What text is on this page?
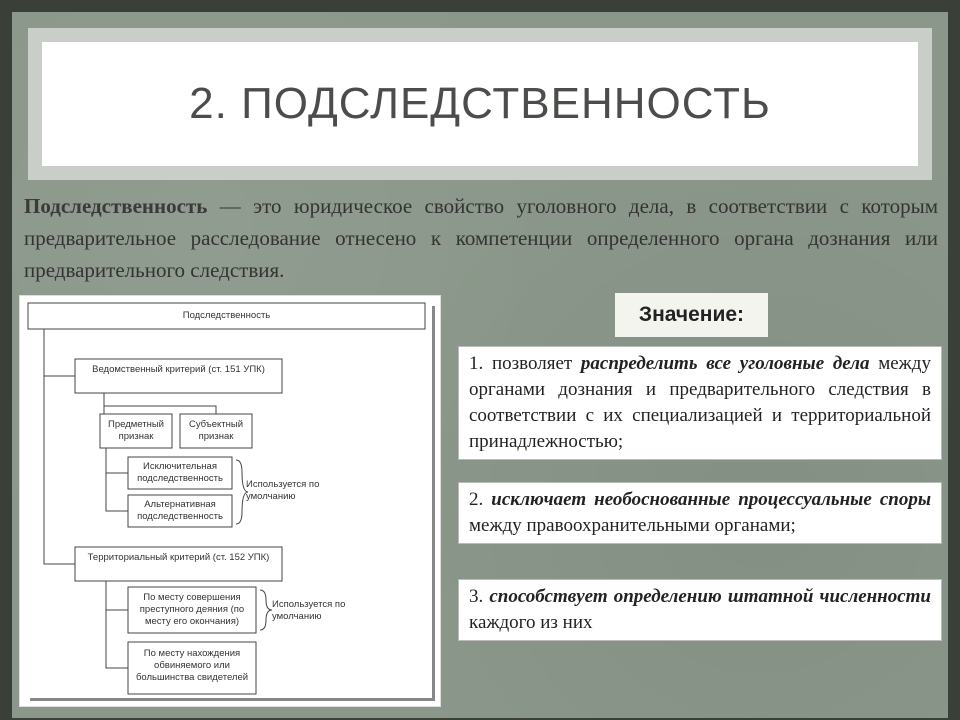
2. ПОДСЛЕДСТВЕННОСТЬ
Подследственность — это юридическое свойство уголовного дела, в соответствии с которым предварительное расследование отнесено к компетенции определенного органа дознания или предварительного следствия.
Подследственность
Ведомственный критерий (ст. 151 УПК)
Предметный признак
Субъектный признак
Исключительная подследственность
Альтернативная подследственность
Используется по умолчанию
Территориальный критерий (ст. 152 УПК)
По месту совершения преступного деяния (по месту его окончания)
Используется по умолчанию
По месту нахождения обвиняемого или большинства свидетелей
Значение:
1. позволяет распределить все уголовные дела между органами дознания и предварительного следствия в соответствии с их специализацией и территориальной принадлежностью;
2. исключает необоснованные процессуальные споры между правоохранительными органами;
3. способствует определению штатной численности каждого из них
